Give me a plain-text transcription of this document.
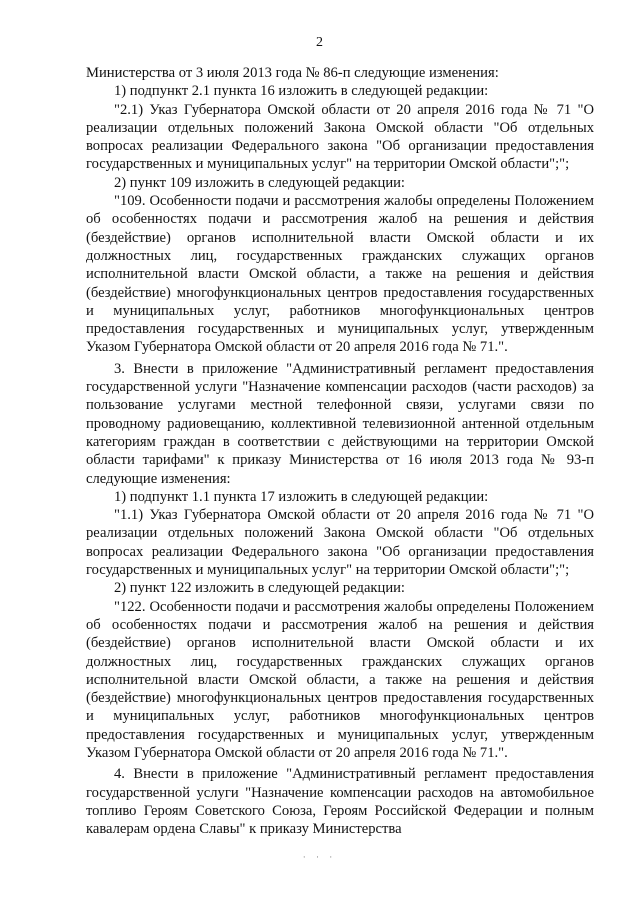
2

Министерства от 3 июля 2013 года № 86-п следующие изменения:

1) подпункт 2.1 пункта 16 изложить в следующей редакции:

"2.1) Указ Губернатора Омской области от 20 апреля 2016 года № 71 "О реализации отдельных положений Закона Омской области "Об отдельных вопросах реализации Федерального закона "Об организации предоставления государственных и муниципальных услуг" на территории Омской области";";

2) пункт 109 изложить в следующей редакции:

"109. Особенности подачи и рассмотрения жалобы определены Положением об особенностях подачи и рассмотрения жалоб на решения и действия (бездействие) органов исполнительной власти Омской области и их должностных лиц, государственных гражданских служащих органов исполнительной власти Омской области, а также на решения и действия (бездействие) многофункциональных центров предоставления государственных и муниципальных услуг, работников многофункциональных центров предоставления государственных и муниципальных услуг, утвержденным Указом Губернатора Омской области от 20 апреля 2016 года № 71.".

3. Внести в приложение "Административный регламент предоставления государственной услуги "Назначение компенсации расходов (части расходов) за пользование услугами местной телефонной связи, услугами связи по проводному радиовещанию, коллективной телевизионной антенной отдельным категориям граждан в соответствии с действующими на территории Омской области тарифами" к приказу Министерства от 16 июля 2013 года № 93-п следующие изменения:

1) подпункт 1.1 пункта 17 изложить в следующей редакции:

"1.1) Указ Губернатора Омской области от 20 апреля 2016 года № 71 "О реализации отдельных положений Закона Омской области "Об отдельных вопросах реализации Федерального закона "Об организации предоставления государственных и муниципальных услуг" на территории Омской области";";

2) пункт 122 изложить в следующей редакции:

"122. Особенности подачи и рассмотрения жалобы определены Положением об особенностях подачи и рассмотрения жалоб на решения и действия (бездействие) органов исполнительной власти Омской области и их должностных лиц, государственных гражданских служащих органов исполнительной власти Омской области, а также на решения и действия (бездействие) многофункциональных центров предоставления государственных и муниципальных услуг, работников многофункциональных центров предоставления государственных и муниципальных услуг, утвержденным Указом Губернатора Омской области от 20 апреля 2016 года № 71.".

4. Внести в приложение "Административный регламент предоставления государственной услуги "Назначение компенсации расходов на автомобильное топливо Героям Советского Союза, Героям Российской Федерации и полным кавалерам ордена Славы" к приказу Министерства

· · ·
